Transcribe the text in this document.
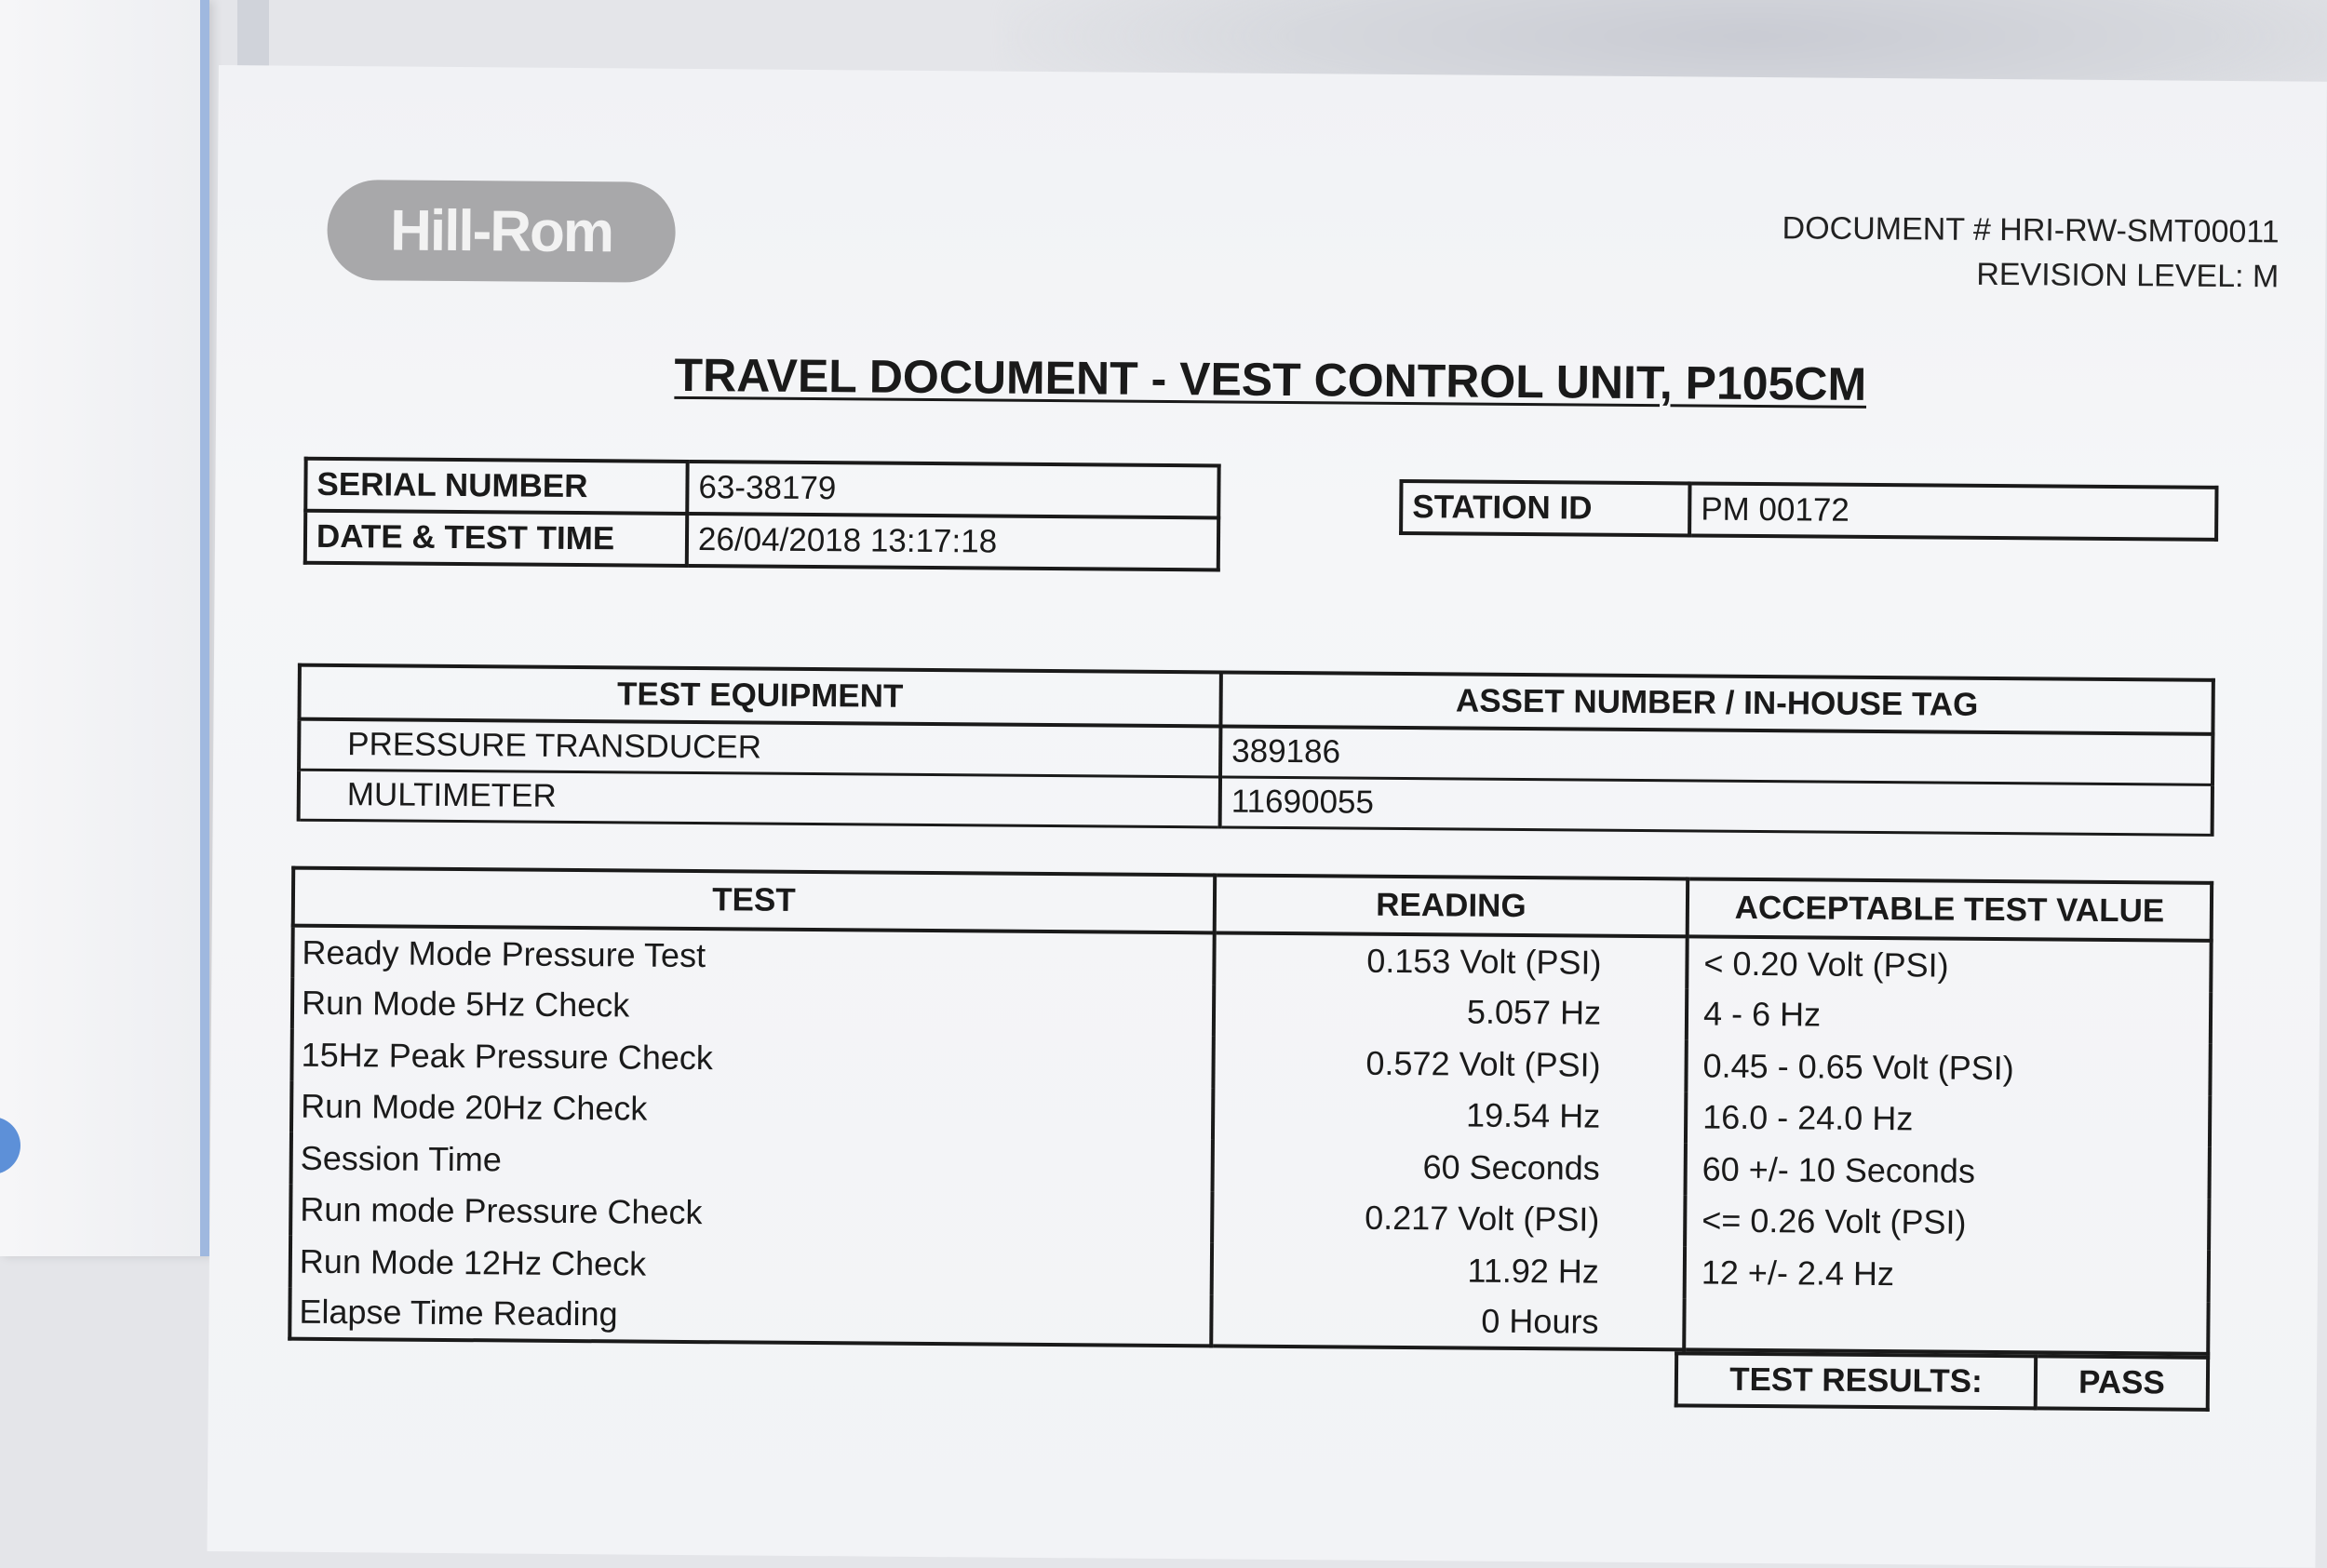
Hill-Rom	DOCUMENT # HRI-RW-SMT00011
REVISION LEVEL: M
TRAVEL DOCUMENT - VEST CONTROL UNIT, P105CM
SERIAL NUMBER	63-38179
DATE & TEST TIME	26/04/2018 13:17:18
STATION ID	PM 00172
TEST EQUIPMENT	ASSET NUMBER / IN-HOUSE TAG
PRESSURE TRANSDUCER	389186
MULTIMETER	11690055
TEST	READING	ACCEPTABLE TEST VALUE
Ready Mode Pressure Test	0.153 Volt (PSI)	< 0.20 Volt (PSI)
Run Mode 5Hz Check	5.057 Hz	4 - 6 Hz
15Hz Peak Pressure Check	0.572 Volt (PSI)	0.45 - 0.65 Volt (PSI)
Run Mode 20Hz Check	19.54 Hz	16.0 - 24.0 Hz
Session Time	60 Seconds	60 +/- 10 Seconds
Run mode Pressure Check	0.217 Volt (PSI)	<= 0.26 Volt (PSI)
Run Mode 12Hz Check	11.92 Hz	12 +/- 2.4 Hz
Elapse Time Reading	0 Hours	
TEST RESULTS:	PASS
